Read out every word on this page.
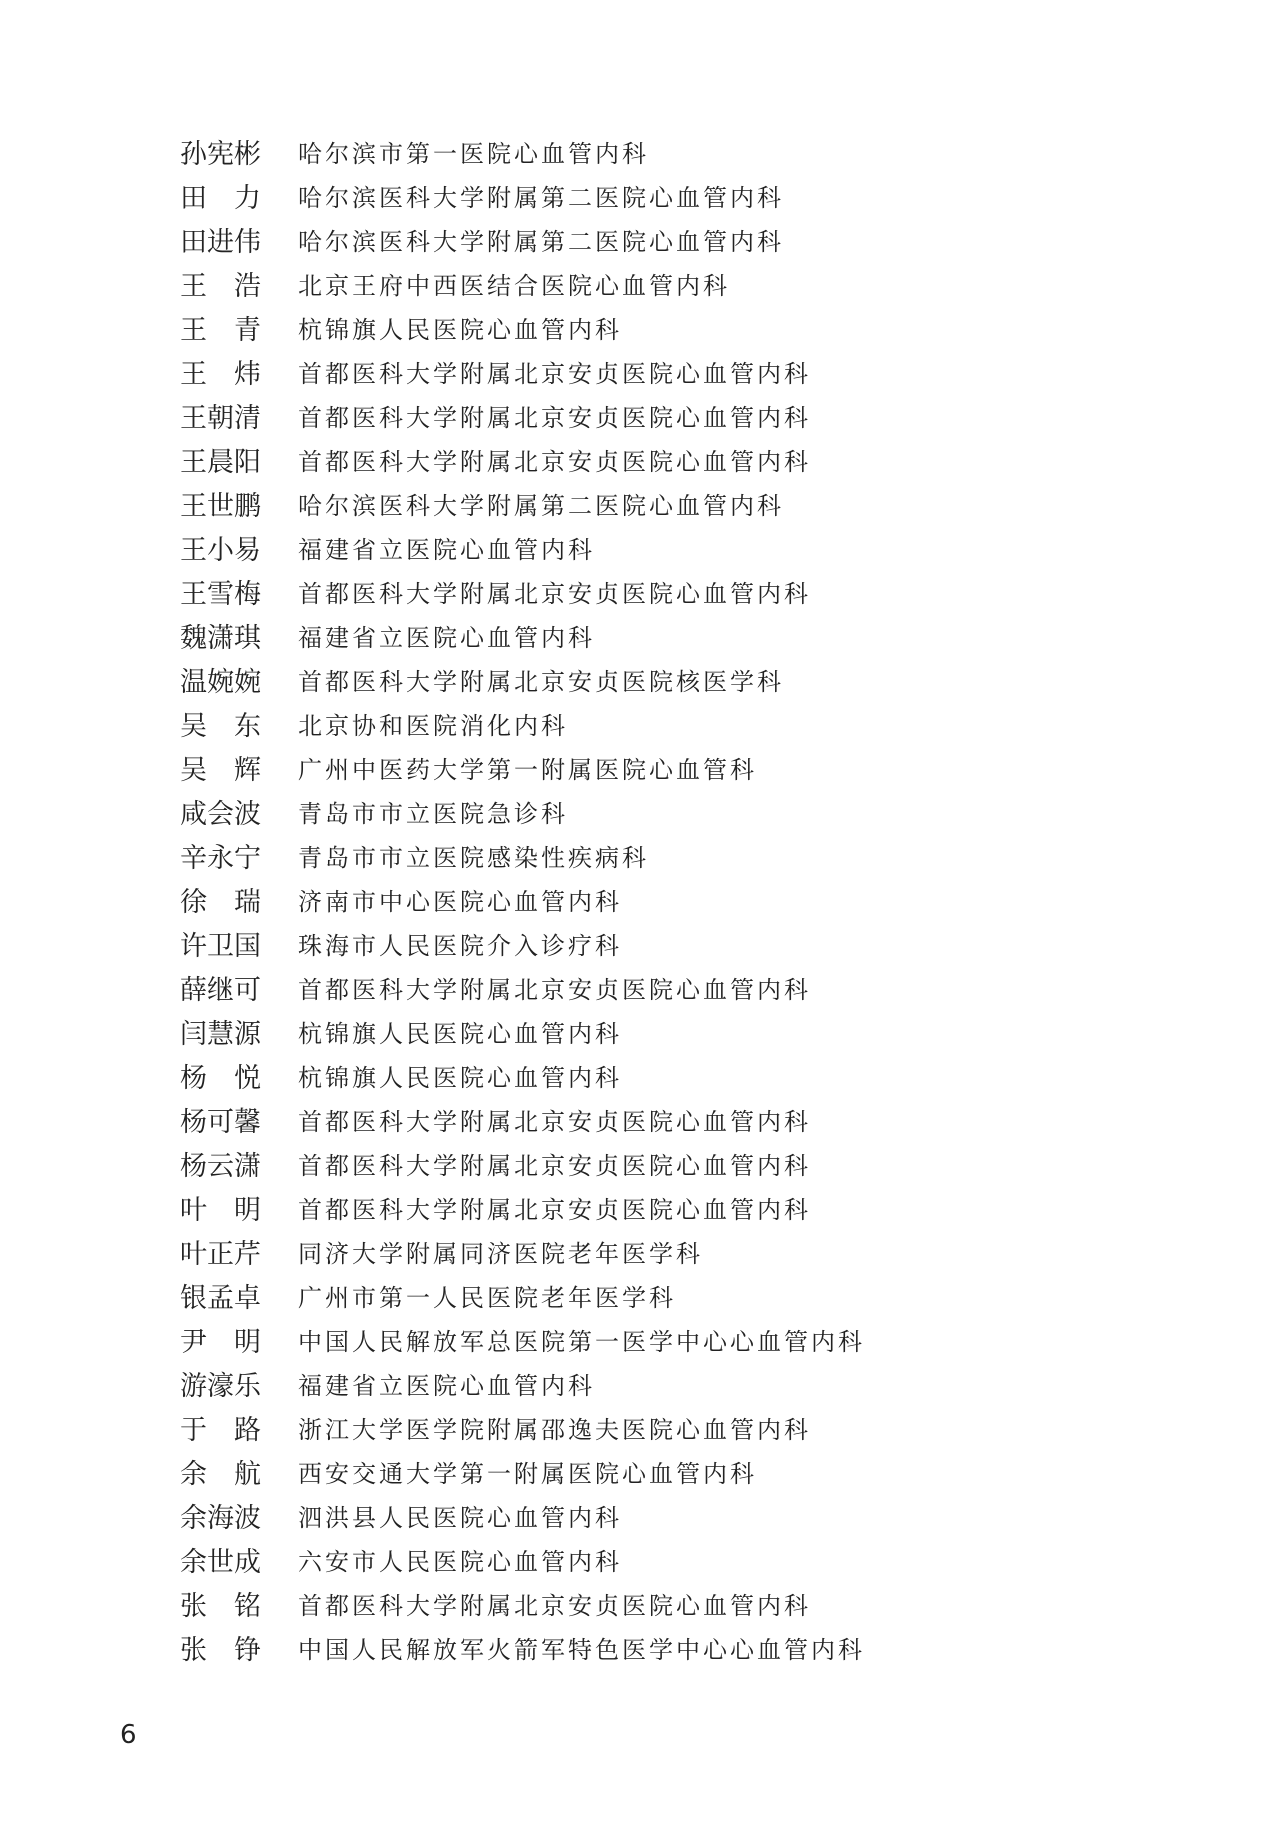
孙宪彬	哈尔滨市第一医院心血管内科
田　力	哈尔滨医科大学附属第二医院心血管内科
田进伟	哈尔滨医科大学附属第二医院心血管内科
王　浩	北京王府中西医结合医院心血管内科
王　青	杭锦旗人民医院心血管内科
王　炜	首都医科大学附属北京安贞医院心血管内科
王朝清	首都医科大学附属北京安贞医院心血管内科
王晨阳	首都医科大学附属北京安贞医院心血管内科
王世鹏	哈尔滨医科大学附属第二医院心血管内科
王小易	福建省立医院心血管内科
王雪梅	首都医科大学附属北京安贞医院心血管内科
魏潇琪	福建省立医院心血管内科
温婉婉	首都医科大学附属北京安贞医院核医学科
吴　东	北京协和医院消化内科
吴　辉	广州中医药大学第一附属医院心血管科
咸会波	青岛市市立医院急诊科
辛永宁	青岛市市立医院感染性疾病科
徐　瑞	济南市中心医院心血管内科
许卫国	珠海市人民医院介入诊疗科
薛继可	首都医科大学附属北京安贞医院心血管内科
闫慧源	杭锦旗人民医院心血管内科
杨　悦	杭锦旗人民医院心血管内科
杨可馨	首都医科大学附属北京安贞医院心血管内科
杨云潇	首都医科大学附属北京安贞医院心血管内科
叶　明	首都医科大学附属北京安贞医院心血管内科
叶正芹	同济大学附属同济医院老年医学科
银孟卓	广州市第一人民医院老年医学科
尹　明	中国人民解放军总医院第一医学中心心血管内科
游濠乐	福建省立医院心血管内科
于　路	浙江大学医学院附属邵逸夫医院心血管内科
余　航	西安交通大学第一附属医院心血管内科
余海波	泗洪县人民医院心血管内科
余世成	六安市人民医院心血管内科
张　铭	首都医科大学附属北京安贞医院心血管内科
张　铮	中国人民解放军火箭军特色医学中心心血管内科
6
